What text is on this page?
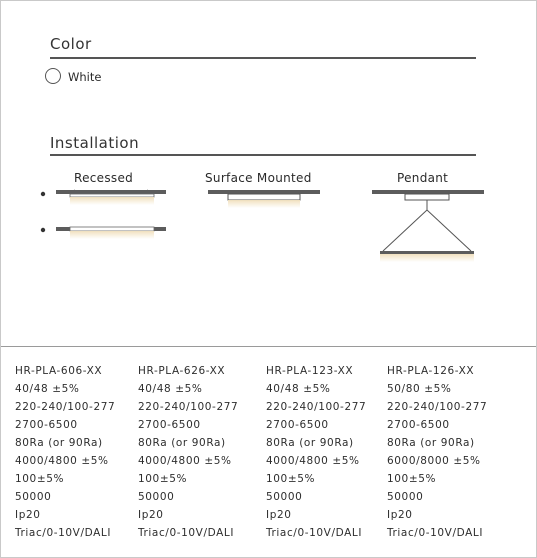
Color
White
Installation
Recessed	Surface Mounted	Pendant
HR-PLA-606-XX
40/48 ±5%
220-240/100-277
2700-6500
80Ra (or 90Ra)
4000/4800 ±5%
100±5%
50000
Ip20
Triac/0-10V/DALI
HR-PLA-626-XX
40/48 ±5%
220-240/100-277
2700-6500
80Ra (or 90Ra)
4000/4800 ±5%
100±5%
50000
Ip20
Triac/0-10V/DALI
HR-PLA-123-XX
40/48 ±5%
220-240/100-277
2700-6500
80Ra (or 90Ra)
4000/4800 ±5%
100±5%
50000
Ip20
Triac/0-10V/DALI
HR-PLA-126-XX
50/80 ±5%
220-240/100-277
2700-6500
80Ra (or 90Ra)
6000/8000 ±5%
100±5%
50000
Ip20
Triac/0-10V/DALI
